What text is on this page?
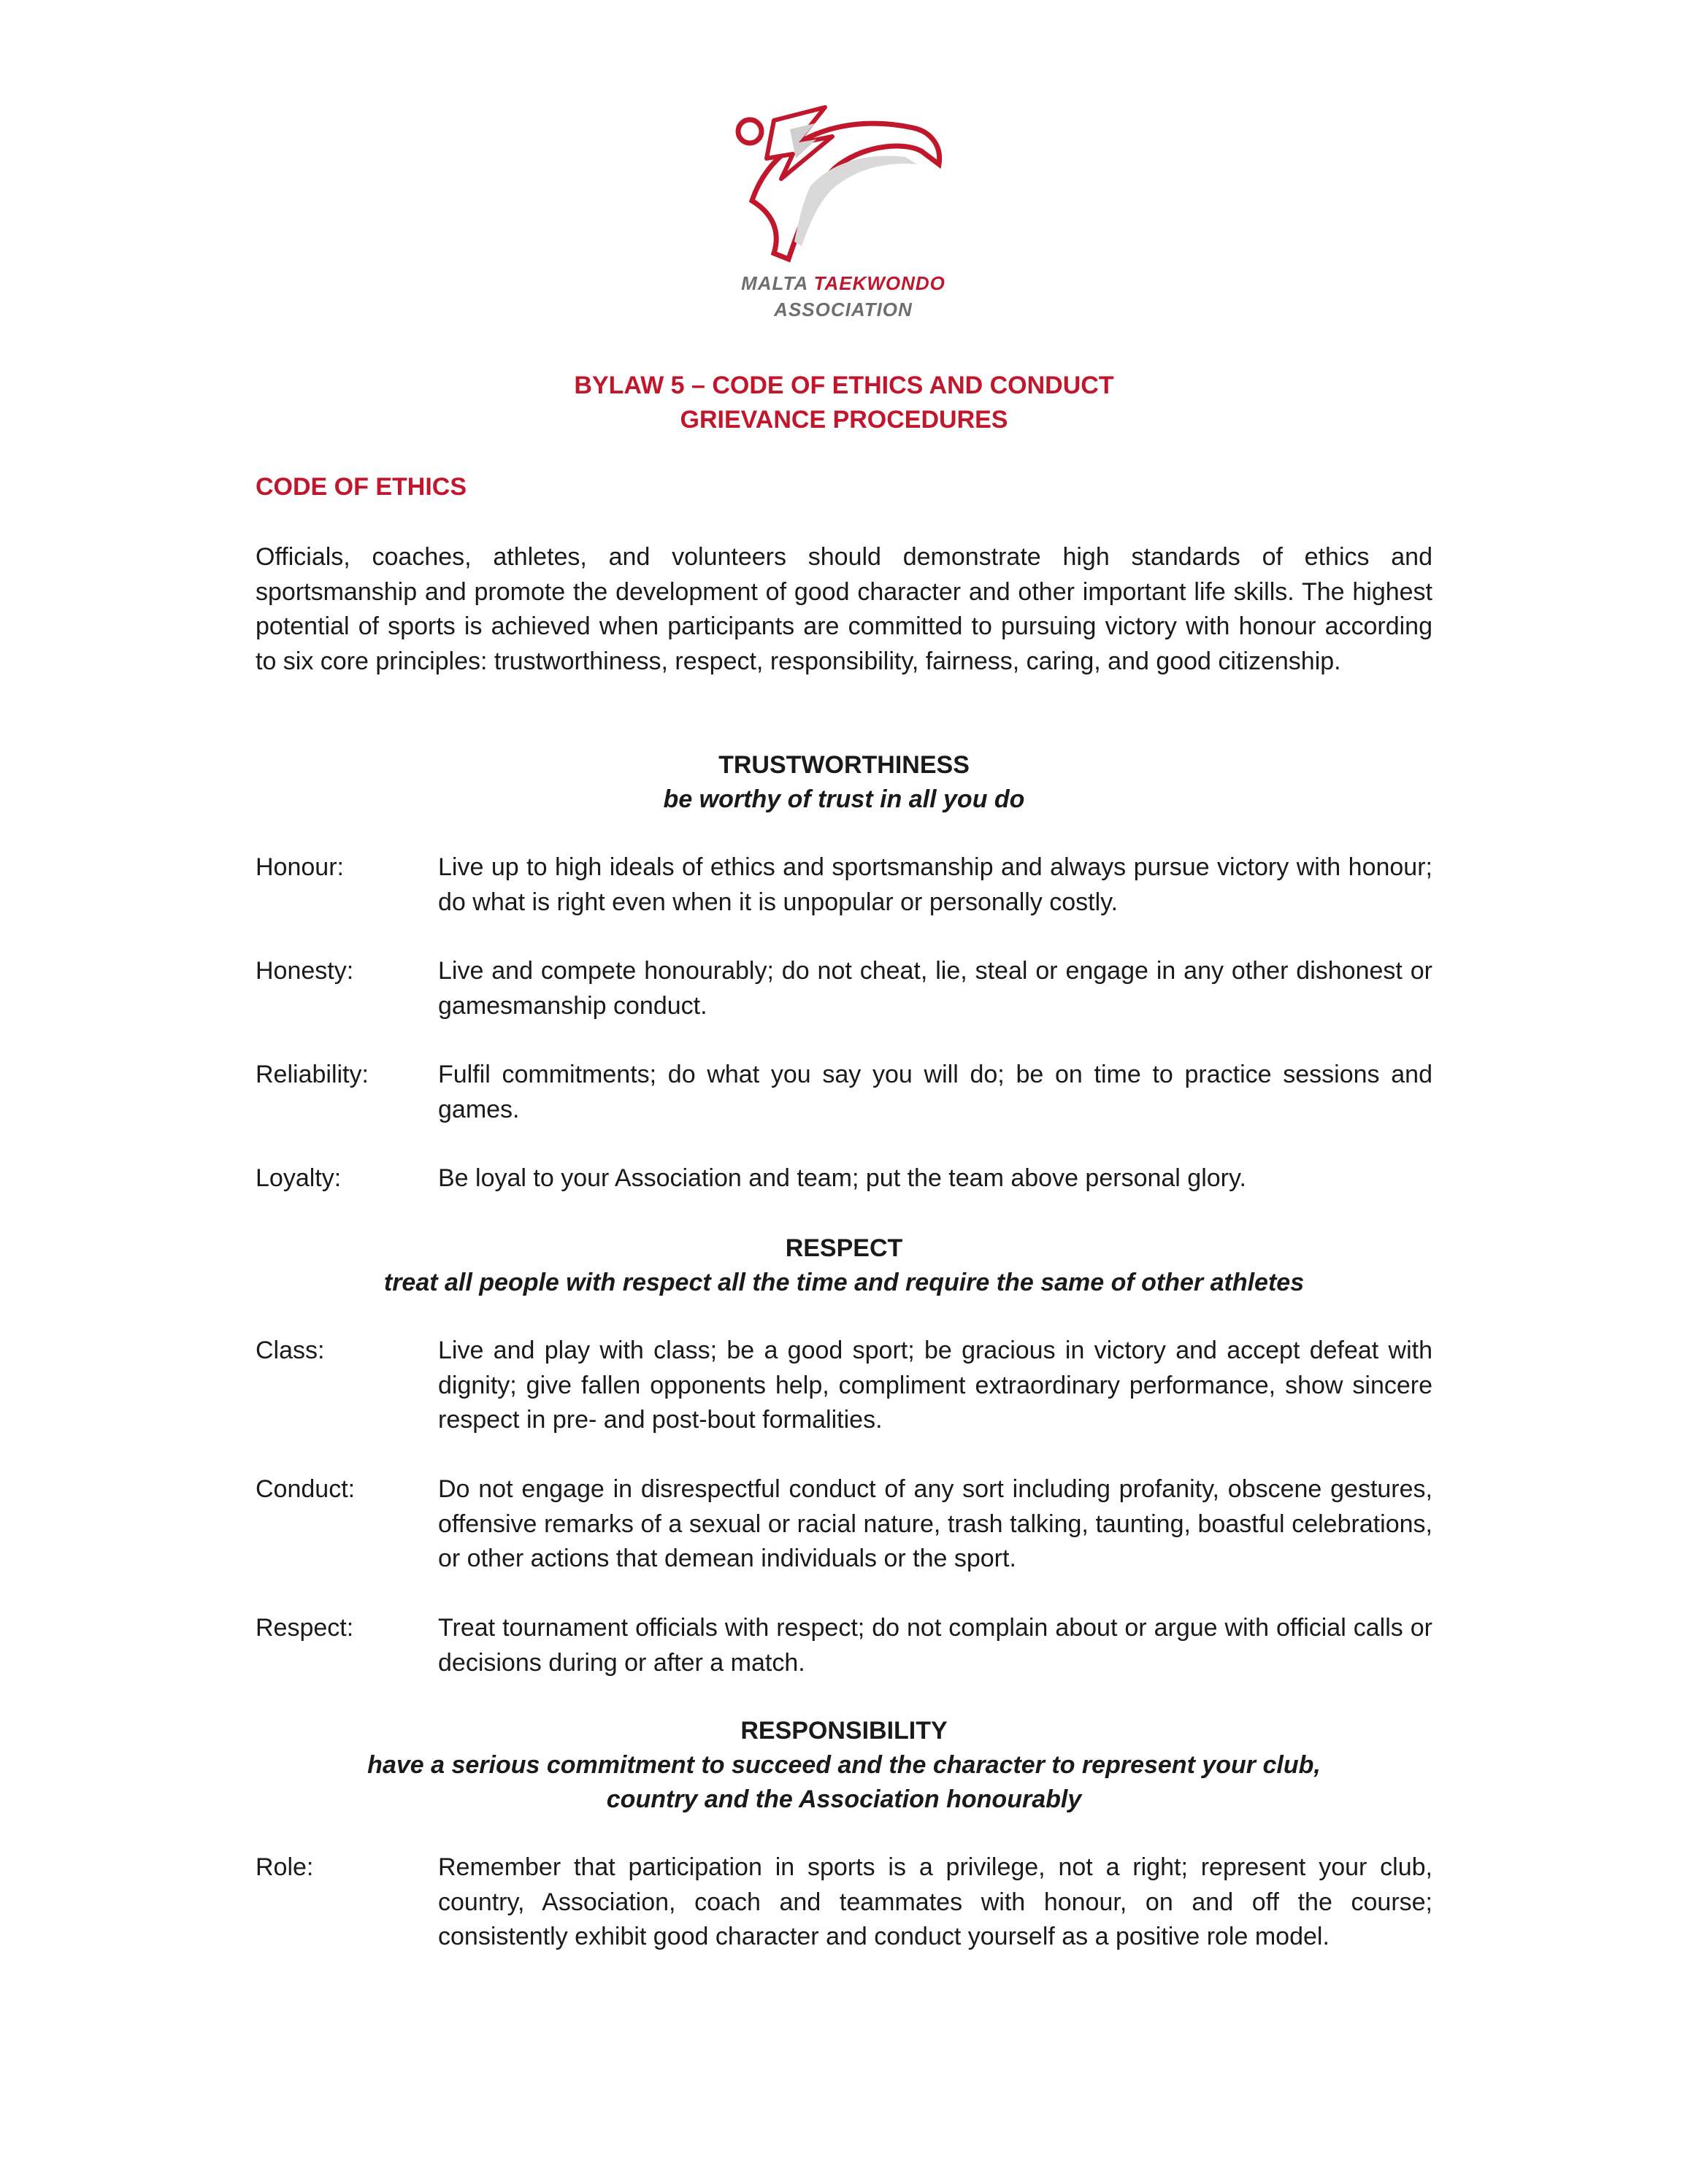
MALTA TAEKWONDO
ASSOCIATION
BYLAW 5 – CODE OF ETHICS AND CONDUCT
GRIEVANCE PROCEDURES
CODE OF ETHICS
Officials, coaches, athletes, and volunteers should demonstrate high standards of ethics and sportsmanship and promote the development of good character and other important life skills. The highest potential of sports is achieved when participants are committed to pursuing victory with honour according to six core principles: trustworthiness, respect, responsibility, fairness, caring, and good citizenship.
TRUSTWORTHINESS
be worthy of trust in all you do
Honour:	Live up to high ideals of ethics and sportsmanship and always pursue victory with honour; do what is right even when it is unpopular or personally costly.
Honesty:	Live and compete honourably; do not cheat, lie, steal or engage in any other dishonest or gamesmanship conduct.
Reliability:	Fulfil commitments; do what you say you will do; be on time to practice sessions and games.
Loyalty:	Be loyal to your Association and team; put the team above personal glory.
RESPECT
treat all people with respect all the time and require the same of other athletes
Class:	Live and play with class; be a good sport; be gracious in victory and accept defeat with dignity; give fallen opponents help, compliment extraordinary performance, show sincere respect in pre- and post-bout formalities.
Conduct:	Do not engage in disrespectful conduct of any sort including profanity, obscene gestures, offensive remarks of a sexual or racial nature, trash talking, taunting, boastful celebrations, or other actions that demean individuals or the sport.
Respect:	Treat tournament officials with respect; do not complain about or argue with official calls or decisions during or after a match.
RESPONSIBILITY
have a serious commitment to succeed and the character to represent your club,
country and the Association honourably
Role:	Remember that participation in sports is a privilege, not a right; represent your club, country, Association, coach and teammates with honour, on and off the course; consistently exhibit good character and conduct yourself as a positive role model.
